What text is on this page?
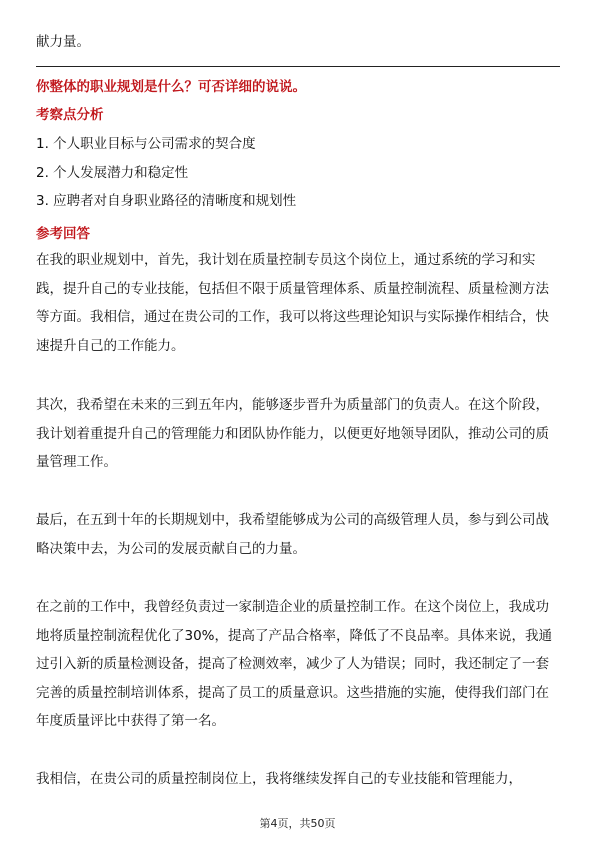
献力量。

你整体的职业规划是什么？可否详细的说说。
考察点分析
1. 个人职业目标与公司需求的契合度
2. 个人发展潜力和稳定性
3. 应聘者对自身职业路径的清晰度和规划性
参考回答

在我的职业规划中，首先，我计划在质量控制专员这个岗位上，通过系统的学习和实践，提升自己的专业技能，包括但不限于质量管理体系、质量控制流程、质量检测方法等方面。我相信，通过在贵公司的工作，我可以将这些理论知识与实际操作相结合，快速提升自己的工作能力。

其次，我希望在未来的三到五年内，能够逐步晋升为质量部门的负责人。在这个阶段，我计划着重提升自己的管理能力和团队协作能力，以便更好地领导团队，推动公司的质量管理工作。

最后，在五到十年的长期规划中，我希望能够成为公司的高级管理人员，参与到公司战略决策中去，为公司的发展贡献自己的力量。

在之前的工作中，我曾经负责过一家制造企业的质量控制工作。在这个岗位上，我成功地将质量控制流程优化了30%，提高了产品合格率，降低了不良品率。具体来说，我通过引入新的质量检测设备，提高了检测效率，减少了人为错误；同时，我还制定了一套完善的质量控制培训体系，提高了员工的质量意识。这些措施的实施，使得我们部门在年度质量评比中获得了第一名。

我相信，在贵公司的质量控制岗位上，我将继续发挥自己的专业技能和管理能力，

第4页，共50页
